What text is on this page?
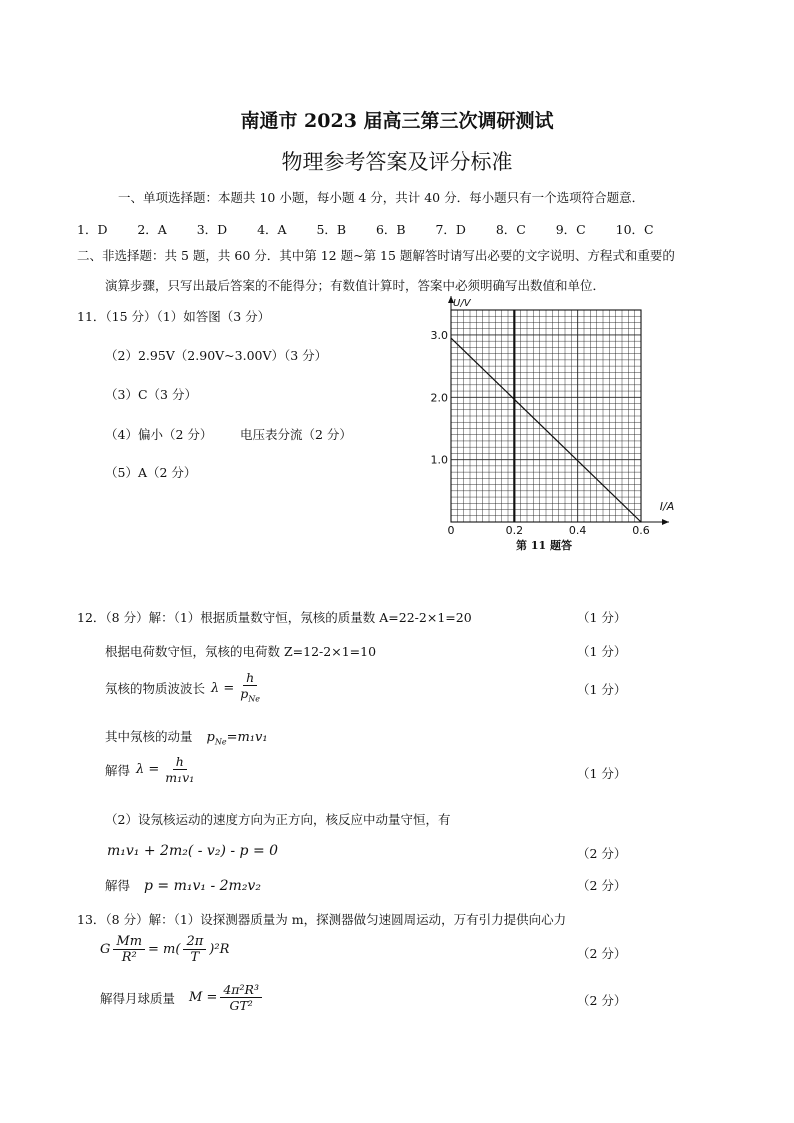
南通市 2023 届高三第三次调研测试
物理参考答案及评分标准
一、单项选择题：本题共 10 小题，每小题 4 分，共计 40 分．每小题只有一个选项符合题意．
1．D 2．A 3．D 4．A 5．B 6．B 7．D 8．C 9．C 10．C
二、非选择题：共 5 题，共 60 分．其中第 12 题~第 15 题解答时请写出必要的文字说明、方程式和重要的
演算步骤，只写出最后答案的不能得分；有数值计算时，答案中必须明确写出数值和单位．
11．（15 分）（1）如答图（3 分）
（2）2.95V（2.90V~3.00V）（3 分）
（3）C（3 分）
（4）偏小（2 分） 电压表分流（2 分）
（5）A（2 分）
0	0.2	0.4	0.6
1.0
2.0
3.0
I/A
U/V
第 11 题答
12．（8 分）解：（1）根据质量数守恒，氖核的质量数 A=22-2×1=20	（1 分）
根据电荷数守恒，氖核的电荷数 Z=12-2×1=10	（1 分）
氖核的物质波波长 $\lambda = \frac{h}{p_{Ne}}$	（1 分）
其中氖核的动量 $p_{Ne}=m_1v_1$
解得 $\lambda = \frac{h}{\text{m₁v₁}}$	（1 分）
（2）设氖核运动的速度方向为正方向，核反应中动量守恒，有
m₁v₁ + 2m₂( - v₂) - p = 0	（2 分）
解得 p = m₁v₁ - 2m₂v₂	（2 分）
13．（8 分）解：（1）设探测器质量为 m，探测器做匀速圆周运动，万有引力提供向心力
G $\frac{Mm}{\text{R²}} = m( \frac{2\pi}{T} )^2R$	（2 分）
解得月球质量 $M = \frac{\text{4π²R³}}{\text{GT²}}$	（2 分）
